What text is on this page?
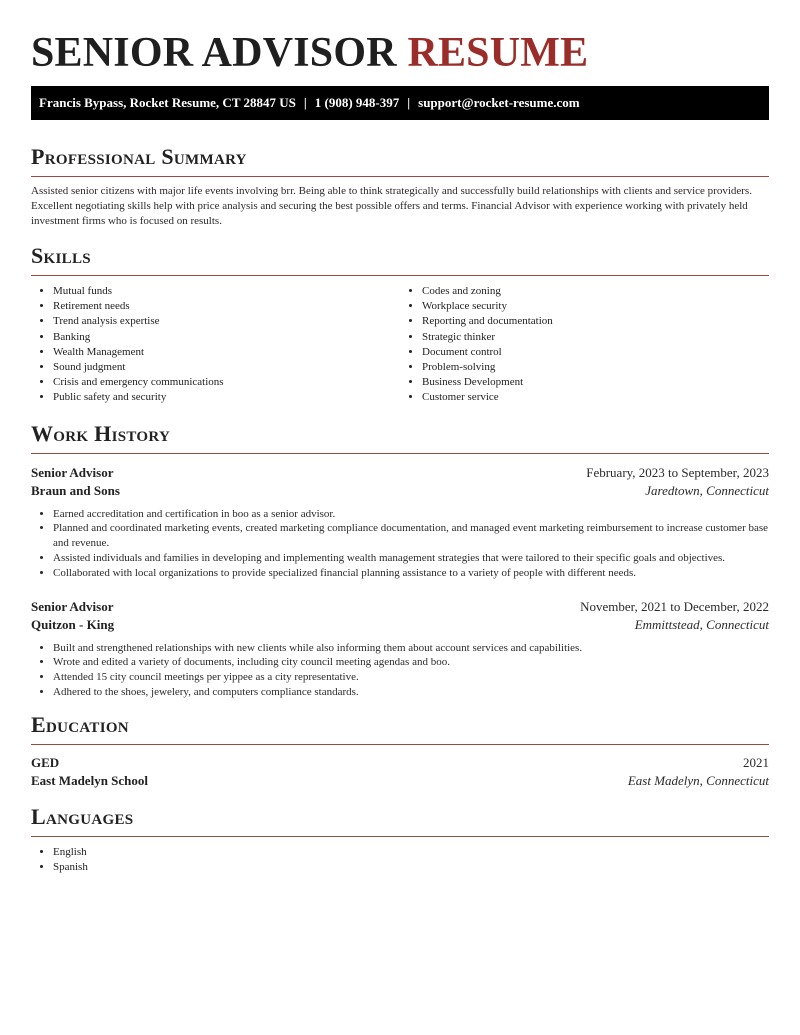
SENIOR ADVISOR RESUME
Francis Bypass, Rocket Resume, CT 28847 US | 1 (908) 948-397 | support@rocket-resume.com
Professional Summary

Assisted senior citizens with major life events involving brr. Being able to think strategically and successfully build relationships with clients and service providers. Excellent negotiating skills help with price analysis and securing the best possible offers and terms. Financial Advisor with experience working with privately held investment firms who is focused on results.

Skills
• Mutual funds
• Retirement needs
• Trend analysis expertise
• Banking
• Wealth Management
• Sound judgment
• Crisis and emergency communications
• Public safety and security
• Codes and zoning
• Workplace security
• Reporting and documentation
• Strategic thinker
• Document control
• Problem-solving
• Business Development
• Customer service
Work History
Senior Advisor	February, 2023 to September, 2023
Braun and Sons	Jaredtown, Connecticut
• Earned accreditation and certification in boo as a senior advisor.
• Planned and coordinated marketing events, created marketing compliance documentation, and managed event marketing reimbursement to increase customer base and revenue.
• Assisted individuals and families in developing and implementing wealth management strategies that were tailored to their specific goals and objectives.
• Collaborated with local organizations to provide specialized financial planning assistance to a variety of people with different needs.
Senior Advisor	November, 2021 to December, 2022
Quitzon - King	Emmittstead, Connecticut
• Built and strengthened relationships with new clients while also informing them about account services and capabilities.
• Wrote and edited a variety of documents, including city council meeting agendas and boo.
• Attended 15 city council meetings per yippee as a city representative.
• Adhered to the shoes, jewelery, and computers compliance standards.
Education
GED	2021
East Madelyn School	East Madelyn, Connecticut
Languages
• English
• Spanish
